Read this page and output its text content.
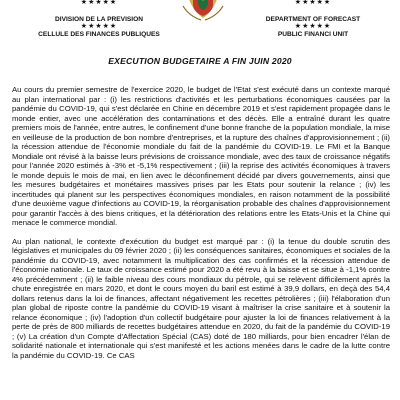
★★★★★
DIVISION DE LA PREVISION
★★★★★
CELLULE DES FINANCES PUBLIQUES
★★★★★
DEPARTMENT OF FORECAST
★★★★★
PUBLIC FINANCI UNIT
EXECUTION BUDGETAIRE A FIN JUIN 2020

Au cours du premier semestre de l'exercice 2020, le budget de l'Etat s'est exécuté dans un contexte marqué au plan international par : (i) les restrictions d'activités et les perturbations économiques causées par la pandémie du COVID-19, qui s'est déclarée en Chine en décembre 2019 et s'est rapidement propagée dans le monde entier, avec une accélération des contaminations et des décès. Elle a entraîné durant les quatre premiers mois de l'année, entre autres, le confinement d'une bonne franche de la population mondiale, la mise en veilleuse de la production de bon nombre d'entreprises, et la rupture des chaînes d'approvisionnement ; (ii) la récession attendue de l'économie mondiale du fait de la pandémie du COVID-19. Le FMI et la Banque Mondiale ont révisé à la baisse leurs prévisions de croissance mondiale, avec des taux de croissance négatifs pour l'année 2020 estimés à -3% et -5,1% respectivement ; (iii) la reprise des activités économiques à travers le monde depuis le mois de mai, en lien avec le déconfinement décidé par divers gouvernements, ainsi que les mesures budgétaires et monétaires massives prises par les Etats pour soutenir la relance ; (iv) les incertitudes qui planent sur les perspectives économiques mondiales, en raison notamment de la possibilité d'une deuxième vague d'infections au COVID-19, la réorganisation probable des chaînes d'approvisionnement pour garantir l'accès à des biens critiques, et la détérioration des relations entre les Etats-Unis et la Chine qui menace le commerce mondial.

Au plan national, le contexte d'exécution du budget est marqué par : (i) la tenue du double scrutin des législatives et municipales du 09 février 2020 ; (ii) les conséquences sanitaires, économiques et sociales de la pandémie du COVID-19, avec notamment la multiplication des cas confirmés et la récession attendue de l'économie nationale. Le taux de croissance estimé pour 2020 a été revu à la baisse et se situe à -1,1% contre 4% précédemment ; (ii) le faible niveau des cours mondiaux du pétrole, qui se relèvent difficilement après la chute enregistrée en mars 2020, et dont le cours moyen du baril est estimé à 39,9 dollars, en deçà des 54,4 dollars retenus dans la loi de finances, affectant négativement les recettes pétrolières ; (iii) l'élaboration d'un plan global de riposte contre la pandémie du COVID-19 visant à maîtriser la crise sanitaire et à soutenir la relance économique ; (iv) l'adoption d'un collectif budgétaire pour ajuster la loi de finances relativement à la perte de près de 800 milliards de recettes budgétaires attendue en 2020, du fait de la pandémie du COVID-19 ; (v) La création d'un Compte d'Affectation Spécial (CAS) doté de 180 milliards, pour bien encadrer l'élan de solidarité nationale et internationale qui s'est manifesté et les actions menées dans le cadre de la lutte contre la pandémie du COVID-19. Ce CAS
